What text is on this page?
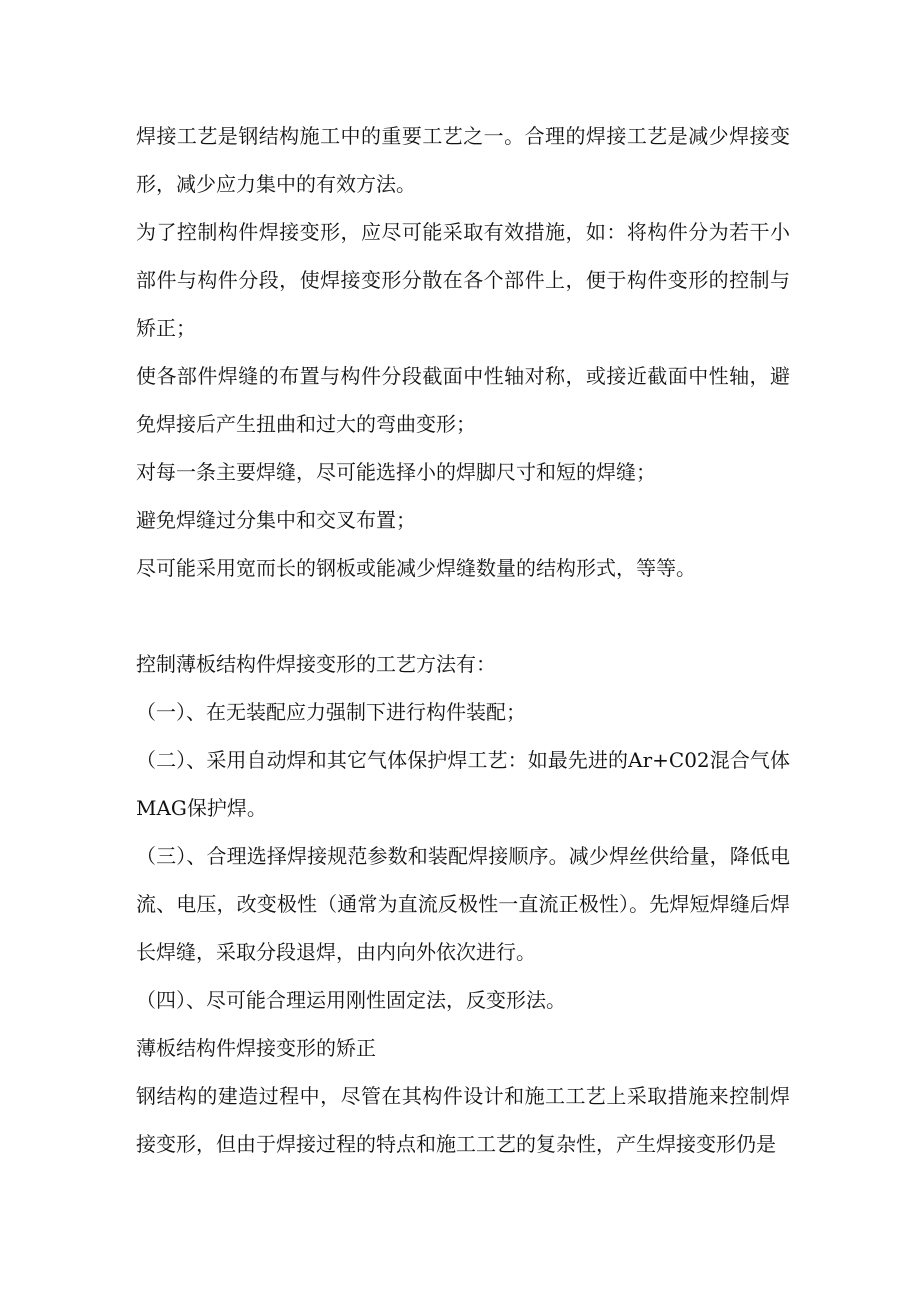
焊接工艺是钢结构施工中的重要工艺之一。合理的焊接工艺是减少焊接变形，减少应力集中的有效方法。

为了控制构件焊接变形，应尽可能采取有效措施，如：将构件分为若干小部件与构件分段，使焊接变形分散在各个部件上，便于构件变形的控制与矫正；

使各部件焊缝的布置与构件分段截面中性轴对称，或接近截面中性轴，避免焊接后产生扭曲和过大的弯曲变形；

对每一条主要焊缝，尽可能选择小的焊脚尺寸和短的焊缝；

避免焊缝过分集中和交叉布置；

尽可能采用宽而长的钢板或能减少焊缝数量的结构形式，等等。

控制薄板结构件焊接变形的工艺方法有：

（一）、在无装配应力强制下进行构件装配；

（二）、采用自动焊和其它气体保护焊工艺：如最先进的Ar+C02混合气体MAG保护焊。

（三）、合理选择焊接规范参数和装配焊接顺序。减少焊丝供给量，降低电流、电压，改变极性（通常为直流反极性一直流正极性）。先焊短焊缝后焊长焊缝，采取分段退焊，由内向外依次进行。

（四）、尽可能合理运用刚性固定法，反变形法。

薄板结构件焊接变形的矫正

钢结构的建造过程中，尽管在其构件设计和施工工艺上采取措施来控制焊接变形，但由于焊接过程的特点和施工工艺的复杂性，产生焊接变形仍是
